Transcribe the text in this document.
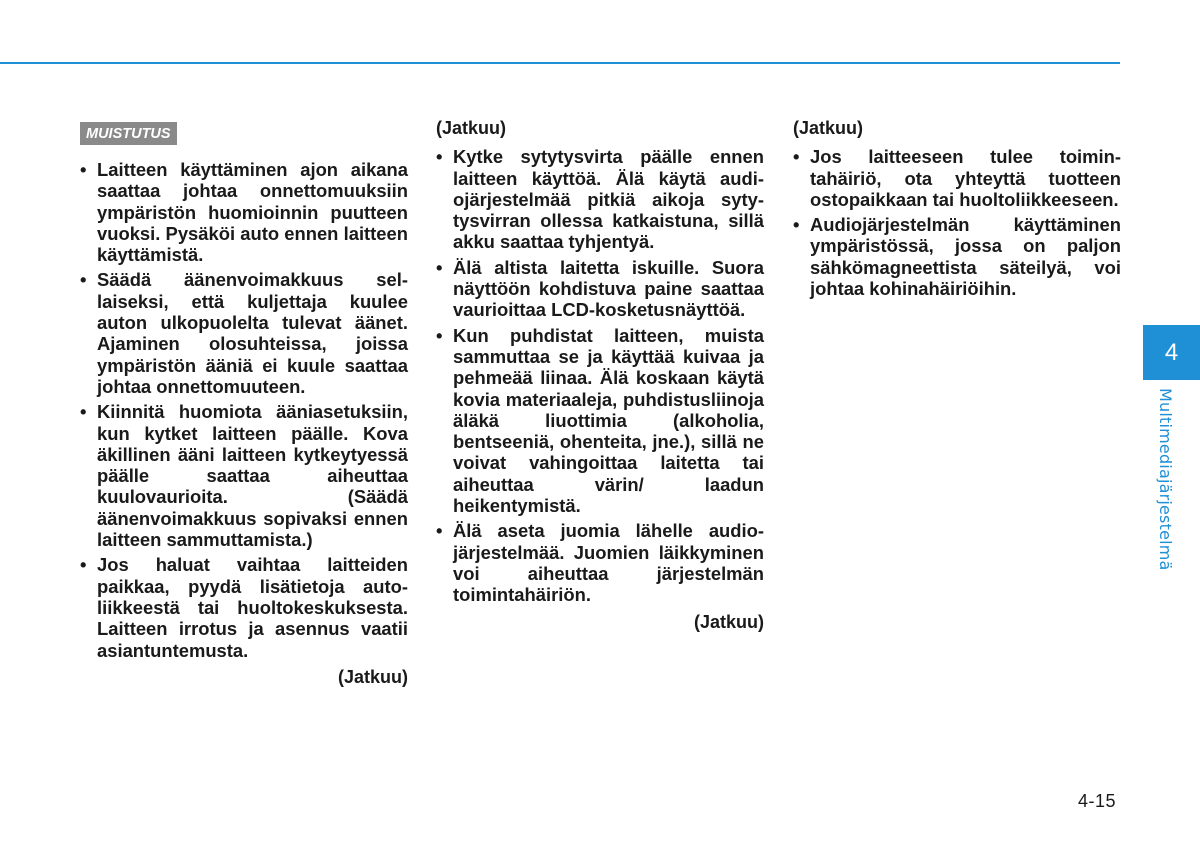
MUISTUTUS
• Laitteen käyttäminen ajon aikana saattaa johtaa onnettomuuksiin ympäristön huomioinnin puutteen vuoksi. Pysäköi auto ennen laitteen käyttämistä.
• Säädä äänenvoimakkuus sellaiseksi, että kuljettaja kuulee auton ulkopuolelta tulevat äänet. Ajaminen olosuhteissa, joissa ympäristön ääniä ei kuule saattaa johtaa onnettomuuteen.
• Kiinnitä huomiota ääniasetuksiin, kun kytket laitteen päälle. Kova äkillinen ääni laitteen kytkeytyessä päälle saattaa aiheuttaa kuulovaurioita. (Säädä äänenvoimakkuus sopivaksi ennen laitteen sammuttamista.)
• Jos haluat vaihtaa laitteiden paikkaa, pyydä lisätietoja autoliikkeestä tai huoltokeskuksesta. Laitteen irrotus ja asennus vaatii asiantuntemusta.
(Jatkuu)
(Jatkuu)
• Kytke sytytysvirta päälle ennen laitteen käyttöä. Älä käytä audiojärjestelmää pitkiä aikoja sytytysvirran ollessa katkaistuna, sillä akku saattaa tyhjentyä.
• Älä altista laitetta iskuille. Suora näyttöön kohdistuva paine saattaa vaurioittaa LCD-kosketusnäyttöä.
• Kun puhdistat laitteen, muista sammuttaa se ja käyttää kuivaa ja pehmeää liinaa. Älä koskaan käytä kovia materiaaleja, puhdistusliinoja äläkä liuottimia (alkoholia, bentseeniä, ohenteita, jne.), sillä ne voivat vahingoittaa laitetta tai aiheuttaa värin/ laadun heikentymistä.
• Älä aseta juomia lähelle audiojärjestelmää. Juomien läikkyminen voi aiheuttaa järjestelmän toimintahäiriön.
(Jatkuu)
(Jatkuu)
• Jos laitteeseen tulee toimintahäiriö, ota yhteyttä tuotteen ostopaikkaan tai huoltoliikkeeseen.
• Audiojärjestelmän käyttäminen ympäristössä, jossa on paljon sähkömagneettista säteilyä, voi johtaa kohinahäiriöihin.
4
Multimediajärjestelmä
4-15
